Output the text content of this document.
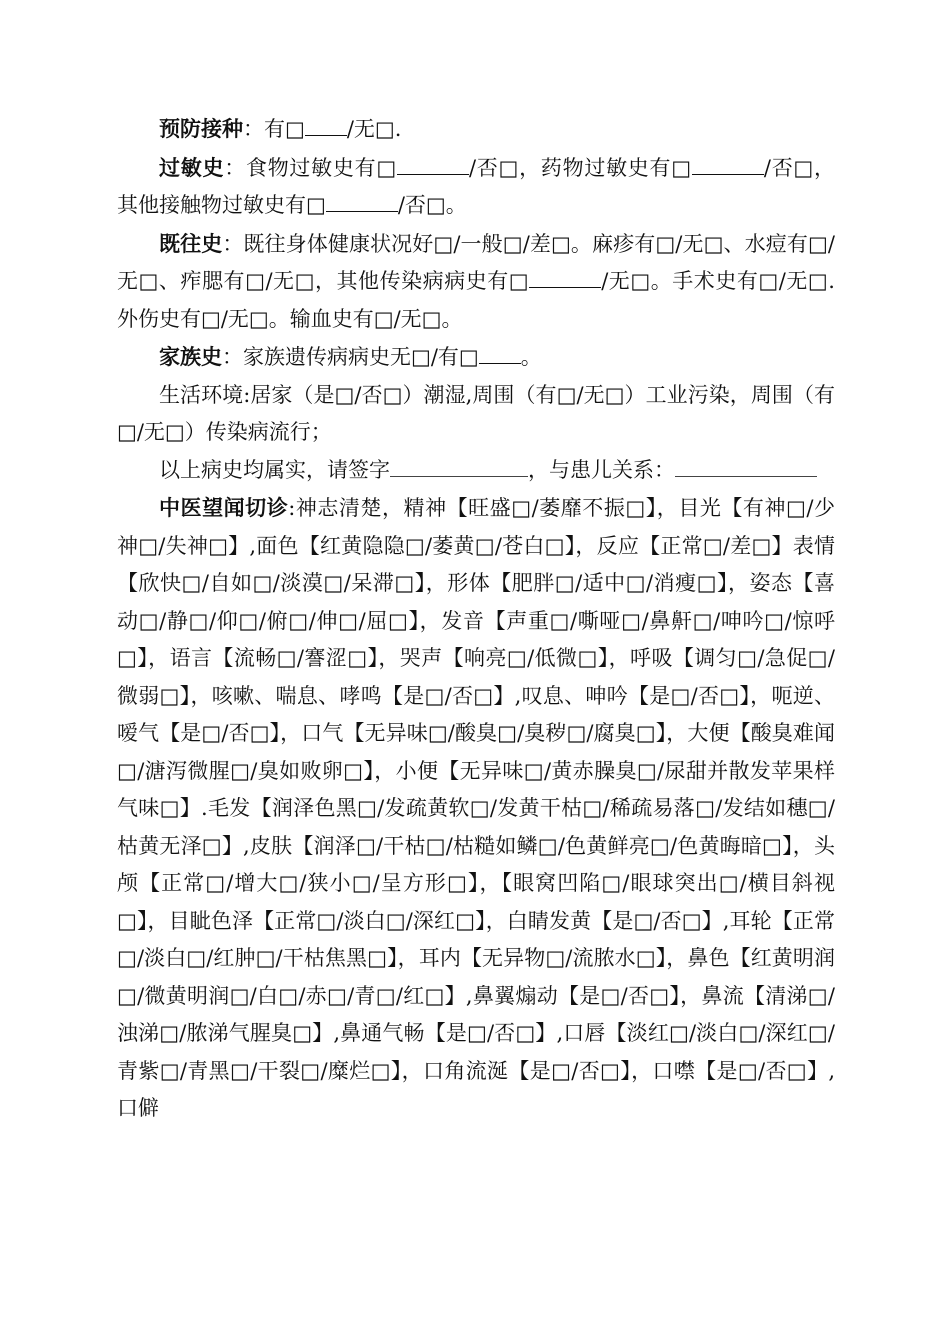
预防接种：有□ /无□.

过敏史：食物过敏史有□	/否□，药物过敏史有□	/否□，其他接触物过敏史有□	/否□。

既往史：既往身体健康状况好□/一般□/差□。麻疹有□/无□、水痘有□/无□、痄腮有□/无□，其他传染病病史有□	/无□。手术史有□/无□.外伤史有□/无□。输血史有□/无□。

家族史：家族遗传病病史无□/有□ 。

生活环境:居家（是□/否□）潮湿,周围（有□/无□）工业污染，周围（有□/无□）传染病流行；

以上病史均属实，请签字	，与患儿关系：

中医望闻切诊:神志清楚，精神【旺盛□/萎靡不振□】，目光【有神□/少神□/失神□】,面色【红黄隐隐□/萎黄□/苍白□】，反应【正常□/差□】表情【欣快□/自如□/淡漠□/呆滞□】，形体【肥胖□/适中□/消瘦□】，姿态【喜动□/静□/仰□/俯□/伸□/屈□】，发音【声重□/嘶哑□/鼻鼾□/呻吟□/惊呼□】，语言【流畅□/謇涩□】，哭声【响亮□/低微□】，呼吸【调匀□/急促□/微弱□】，咳嗽、喘息、哮鸣【是□/否□】,叹息、呻吟【是□/否□】，呃逆、嗳气【是□/否□】，口气【无异味□/酸臭□/臭秽□/腐臭□】，大便【酸臭难闻□/溏泻微腥□/臭如败卵□】，小便【无异味□/黄赤臊臭□/尿甜并散发苹果样气味□】.毛发【润泽色黑□/发疏黄软□/发黄干枯□/稀疏易落□/发结如穗□/枯黄无泽□】,皮肤【润泽□/干枯□/枯糙如鳞□/色黄鲜亮□/色黄晦暗□】，头颅【正常□/增大□/狭小□/呈方形□】，【眼窝凹陷□/眼球突出□/横目斜视□】，目眦色泽【正常□/淡白□/深红□】，白睛发黄【是□/否□】,耳轮【正常□/淡白□/红肿□/干枯焦黑□】，耳内【无异物□/流脓水□】，鼻色【红黄明润□/微黄明润□/白□/赤□/青□/红□】,鼻翼煽动【是□/否□】，鼻流【清涕□/浊涕□/脓涕气腥臭□】,鼻通气畅【是□/否□】,口唇【淡红□/淡白□/深红□/青紫□/青黑□/干裂□/糜烂□】，口角流涎【是□/否□】，口噤【是□/否□】,口僻
